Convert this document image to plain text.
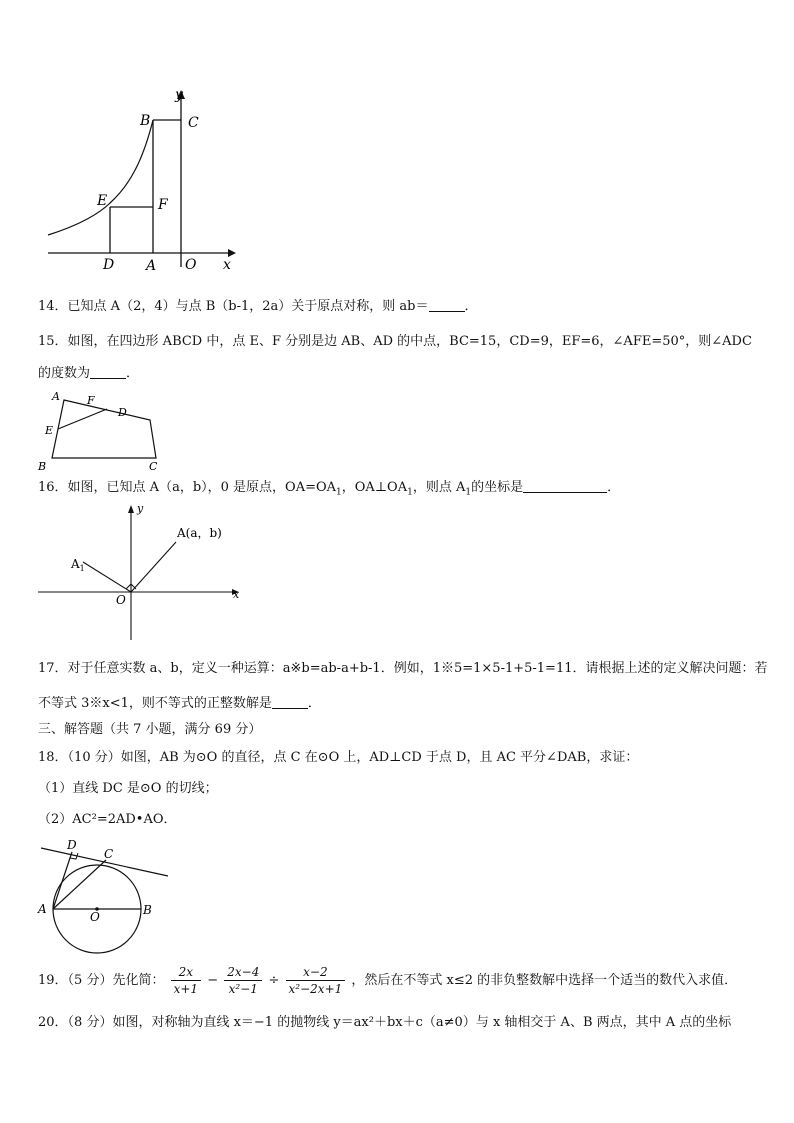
y
x
B	C
E	F
D A O
14．已知点 A（2，4）与点 B（b-1，2a）关于原点对称，则 ab＝	．
15．如图，在四边形 ABCD 中，点 E、F 分别是边 AB、AD 的中点，BC=15，CD=9，EF=6，∠AFE=50°，则∠ADC
的度数为	．
A F
D
E
B	C
16．如图，已知点 A（a，b），0 是原点，$OA=OA_1$，$OA\perp OA_1$，则点 $A_1$的坐标是	．
y
x
O
A(a，b)
$A_1$
17．对于任意实数 a、b，定义一种运算：a※b=ab-a+b-1．例如，1※5=1×5-1+5-1=11．请根据上述的定义解决问题：若
不等式 3※x<1，则不等式的正整数解是	．
三、解答题（共 7 小题，满分 69 分）
18．（10 分）如图，AB 为⊙O 的直径，点 C 在⊙O 上，AD⊥CD 于点 D，且 AC 平分∠DAB，求证：
（1）直线 DC 是⊙O 的切线；
（2）AC²=2AD•AO．
D
C
A
O	B
19．（5 分）先化简： $\frac{2x}{x+1} - \frac{2x-4}{\text{x²−1}} \div \frac{x-2}{\text{x²−2x+1}}$ ，然后在不等式 x≤2 的非负整数解中选择一个适当的数代入求值．
20．（8 分）如图，对称轴为直线 x＝−1 的抛物线 y＝ax²＋bx＋c（a≠0）与 x 轴相交于 A、B 两点，其中 A 点的坐标
